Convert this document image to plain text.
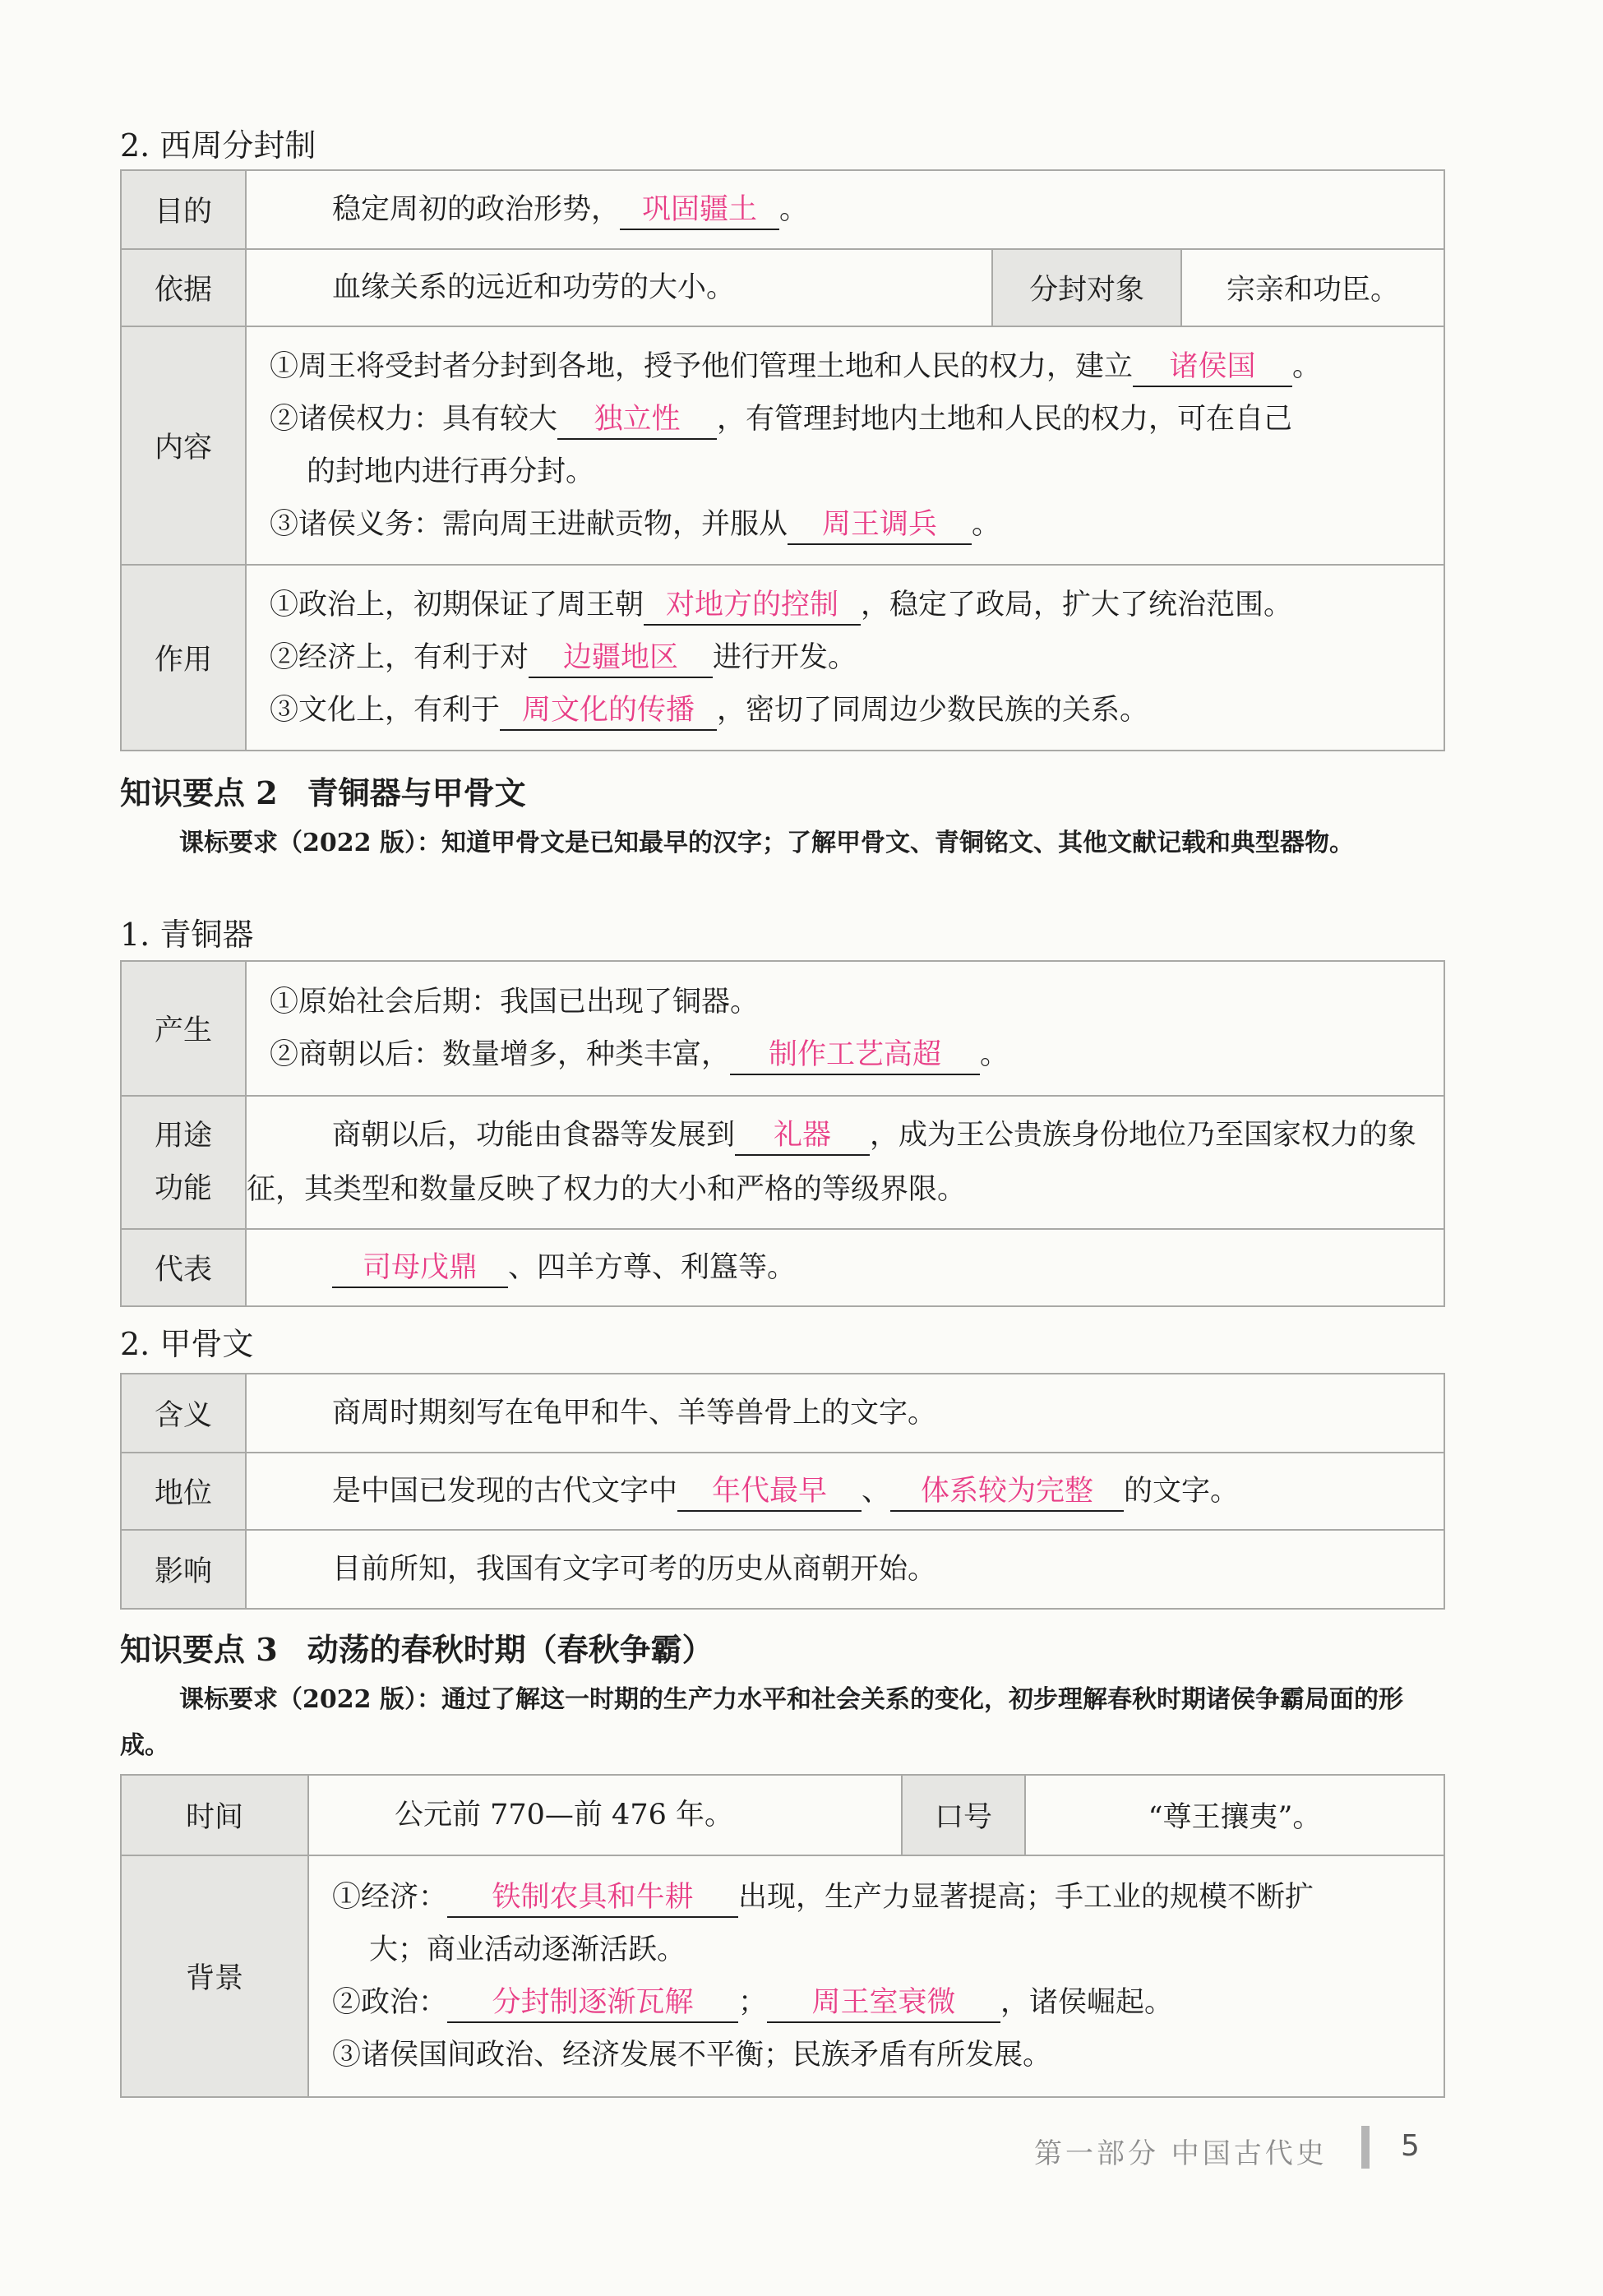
2. 西周分封制
目的	稳定周初的政治形势， 巩固疆土 。		

依据	血缘关系的远近和功劳的大小。	分封对象	宗亲和功臣。
内容	①周王将受封者分封到各地，授予他们管理土地和人民的权力，建立 诸侯国 。
②诸侯权力：具有较大 独立性 ，有管理封地内土地和人民的权力，可在自己
的封地内进行再分封。
③诸侯义务：需向周王进献贡物，并服从 周王调兵 。		

作用	①政治上，初期保证了周王朝 对地方的控制 ，稳定了政局，扩大了统治范围。
②经济上，有利于对 边疆地区 进行开发。
③文化上，有利于 周文化的传播 ，密切了同周边少数民族的关系。		
知识要点 2 青铜器与甲骨文
课标要求（2022 版）：知道甲骨文是已知最早的汉字；了解甲骨文、青铜铭文、其他文献记载和典型器物。
1. 青铜器
产生	①原始社会后期：我国已出现了铜器。
②商朝以后：数量增多，种类丰富， 制作工艺高超 。

用途
功能	商朝以后，功能由食器等发展到 礼器 ，成为王公贵族身份地位乃至国家权力的象征，其类型和数量反映了权力的大小和严格的等级界限。

代表	司母戊鼎 、四羊方尊、利簋等。
2. 甲骨文
含义	商周时期刻写在龟甲和牛、羊等兽骨上的文字。

地位	是中国已发现的古代文字中 年代最早 、 体系较为完整 的文字。

影响	目前所知，我国有文字可考的历史从商朝开始。
知识要点 3 动荡的春秋时期（春秋争霸）
课标要求（2022 版）：通过了解这一时期的生产力水平和社会关系的变化，初步理解春秋时期诸侯争霸局面的形成。
时间	公元前 770—前 476 年。	口号	“尊王攘夷”。
背景	①经济： 铁制农具和牛耕 出现，生产力显著提高；手工业的规模不断扩
大；商业活动逐渐活跃。
②政治： 分封制逐渐瓦解 ； 周王室衰微 ，诸侯崛起。
③诸侯国间政治、经济发展不平衡；民族矛盾有所发展。		
第一部分 中国古代史 5
